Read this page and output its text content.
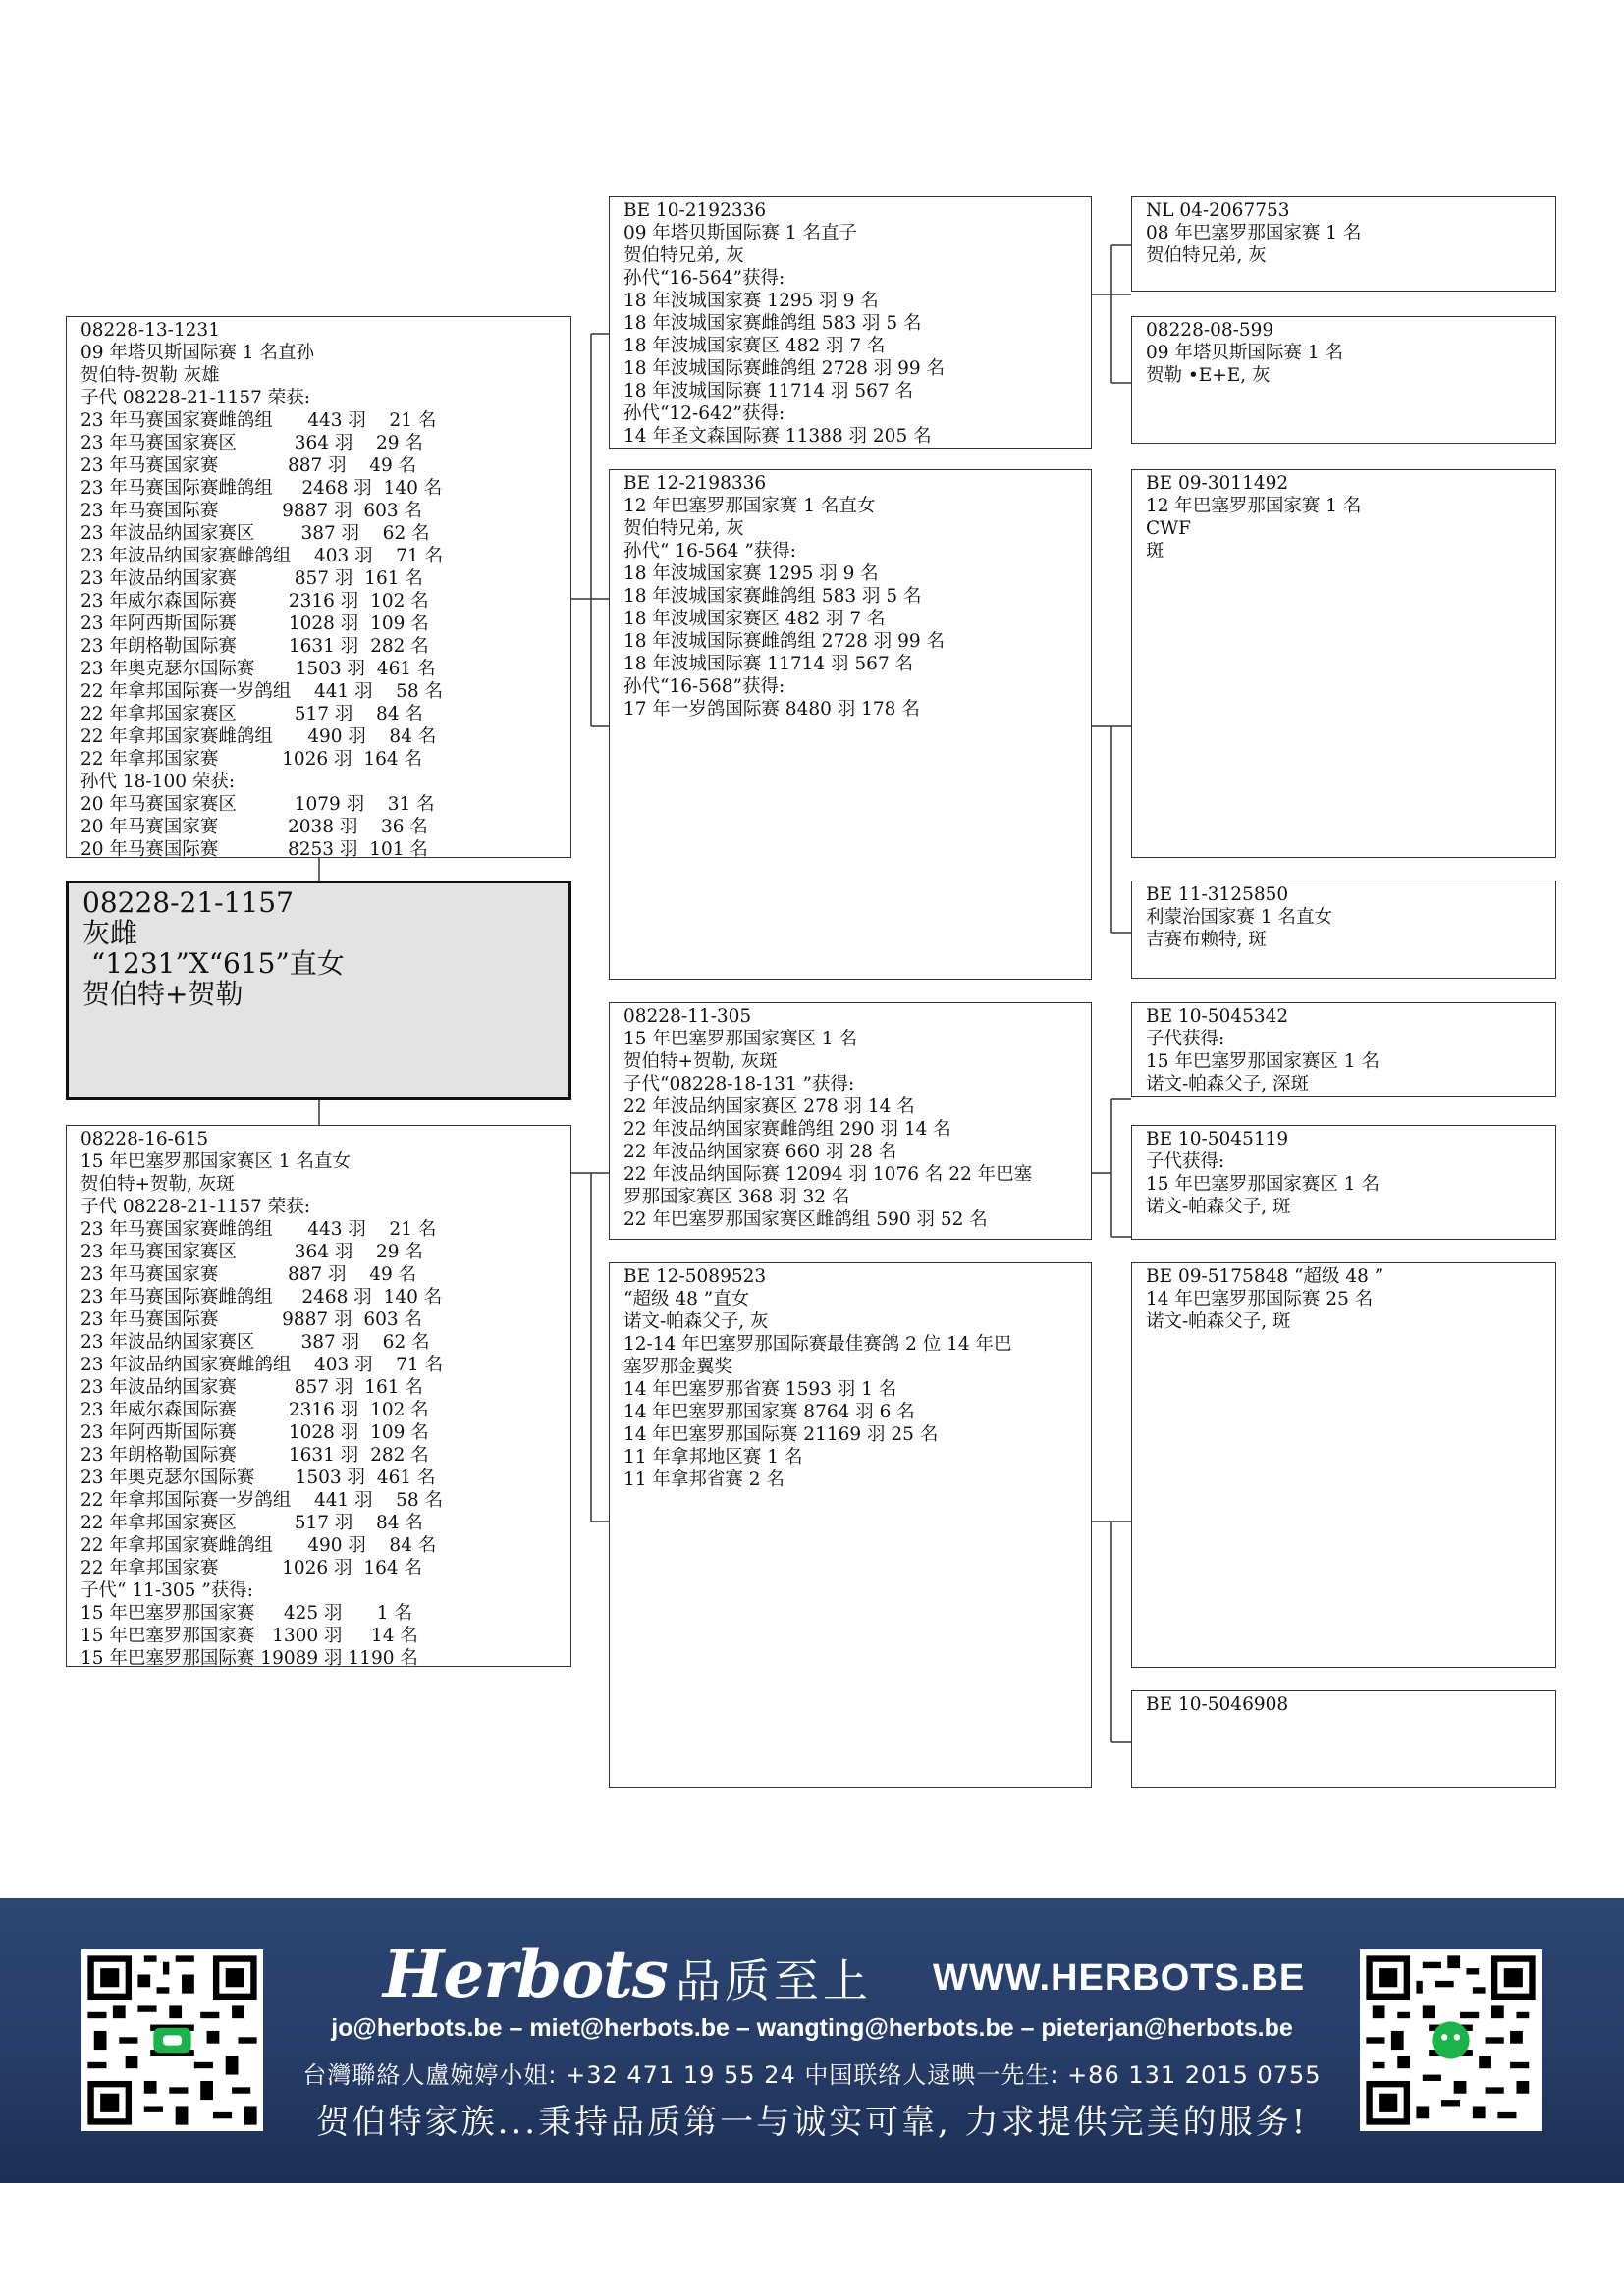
08228-13-1231
09 年塔贝斯国际赛 1 名直孙
贺伯特-贺勒 灰雄
子代 08228-21-1157 荣获:
23 年马赛国家赛雌鸽组      443 羽    21 名
23 年马赛国家赛区          364 羽    29 名
23 年马赛国家赛            887 羽    49 名
23 年马赛国际赛雌鸽组     2468 羽  140 名
23 年马赛国际赛           9887 羽  603 名
23 年波品纳国家赛区        387 羽    62 名
23 年波品纳国家赛雌鸽组    403 羽    71 名
23 年波品纳国家赛          857 羽  161 名
23 年威尔森国际赛         2316 羽  102 名
23 年阿西斯国际赛         1028 羽  109 名
23 年朗格勒国际赛         1631 羽  282 名
23 年奥克瑟尔国际赛       1503 羽  461 名
22 年拿邦国际赛一岁鸽组    441 羽    58 名
22 年拿邦国家赛区          517 羽    84 名
22 年拿邦国家赛雌鸽组      490 羽    84 名
22 年拿邦国家赛           1026 羽  164 名
孙代 18-100 荣获:
20 年马赛国家赛区          1079 羽    31 名
20 年马赛国家赛            2038 羽    36 名
20 年马赛国际赛            8253 羽  101 名
08228-21-1157
灰雌
“1231”X“615”直女
贺伯特+贺勒
08228-16-615
15 年巴塞罗那国家赛区 1 名直女
贺伯特+贺勒, 灰斑
子代 08228-21-1157 荣获:
23 年马赛国家赛雌鸽组      443 羽    21 名
23 年马赛国家赛区          364 羽    29 名
23 年马赛国家赛            887 羽    49 名
23 年马赛国际赛雌鸽组     2468 羽  140 名
23 年马赛国际赛           9887 羽  603 名
23 年波品纳国家赛区        387 羽    62 名
23 年波品纳国家赛雌鸽组    403 羽    71 名
23 年波品纳国家赛          857 羽  161 名
23 年威尔森国际赛         2316 羽  102 名
23 年阿西斯国际赛         1028 羽  109 名
23 年朗格勒国际赛         1631 羽  282 名
23 年奥克瑟尔国际赛       1503 羽  461 名
22 年拿邦国际赛一岁鸽组    441 羽    58 名
22 年拿邦国家赛区          517 羽    84 名
22 年拿邦国家赛雌鸽组      490 羽    84 名
22 年拿邦国家赛           1026 羽  164 名
子代“ 11-305 ”获得:
15 年巴塞罗那国家赛     425 羽      1 名
15 年巴塞罗那国家赛   1300 羽     14 名
15 年巴塞罗那国际赛 19089 羽 1190 名
BE 10-2192336
09 年塔贝斯国际赛 1 名直子
贺伯特兄弟, 灰
孙代“16-564”获得:
18 年波城国家赛 1295 羽 9 名
18 年波城国家赛雌鸽组 583 羽 5 名
18 年波城国家赛区 482 羽 7 名
18 年波城国际赛雌鸽组 2728 羽 99 名
18 年波城国际赛 11714 羽 567 名
孙代“12-642”获得:
14 年圣文森国际赛 11388 羽 205 名
BE 12-2198336
12 年巴塞罗那国家赛 1 名直女
贺伯特兄弟, 灰
孙代“ 16-564 ”获得:
18 年波城国家赛 1295 羽 9 名
18 年波城国家赛雌鸽组 583 羽 5 名
18 年波城国家赛区 482 羽 7 名
18 年波城国际赛雌鸽组 2728 羽 99 名
18 年波城国际赛 11714 羽 567 名
孙代“16-568”获得:
17 年一岁鸽国际赛 8480 羽 178 名
08228-11-305
15 年巴塞罗那国家赛区 1 名
贺伯特+贺勒, 灰斑
子代“08228-18-131 ”获得:
22 年波品纳国家赛区 278 羽 14 名
22 年波品纳国家赛雌鸽组 290 羽 14 名
22 年波品纳国家赛 660 羽 28 名
22 年波品纳国际赛 12094 羽 1076 名 22 年巴塞
罗那国家赛区 368 羽 32 名
22 年巴塞罗那国家赛区雌鸽组 590 羽 52 名
BE 12-5089523
“超级 48 ”直女
诺文-帕森父子, 灰
12-14 年巴塞罗那国际赛最佳赛鸽 2 位 14 年巴
塞罗那金翼奖
14 年巴塞罗那省赛 1593 羽 1 名
14 年巴塞罗那国家赛 8764 羽 6 名
14 年巴塞罗那国际赛 21169 羽 25 名
11 年拿邦地区赛 1 名
11 年拿邦省赛 2 名
NL 04-2067753
08 年巴塞罗那国家赛 1 名
贺伯特兄弟, 灰
08228-08-599
09 年塔贝斯国际赛 1 名
贺勒 •E+E, 灰
BE 09-3011492
12 年巴塞罗那国家赛 1 名
CWF
斑
BE 11-3125850
利蒙治国家赛 1 名直女
吉赛布赖特, 斑
BE 10-5045342
子代获得:
15 年巴塞罗那国家赛区 1 名
诺文-帕森父子, 深斑
BE 10-5045119
子代获得:
15 年巴塞罗那国家赛区 1 名
诺文-帕森父子, 斑
BE 09-5175848 “超级 48 ”
14 年巴塞罗那国际赛 25 名
诺文-帕森父子, 斑
BE 10-5046908
Herbots 品质至上 WWW.HERBOTS.BE
jo@herbots.be – miet@herbots.be – wangting@herbots.be – pieterjan@herbots.be
台灣聯絡人盧婉婷小姐: +32 471 19 55 24 中国联络人逯晪一先生: +86 131 2015 0755
贺伯特家族...秉持品质第一与诚实可靠, 力求提供完美的服务!
